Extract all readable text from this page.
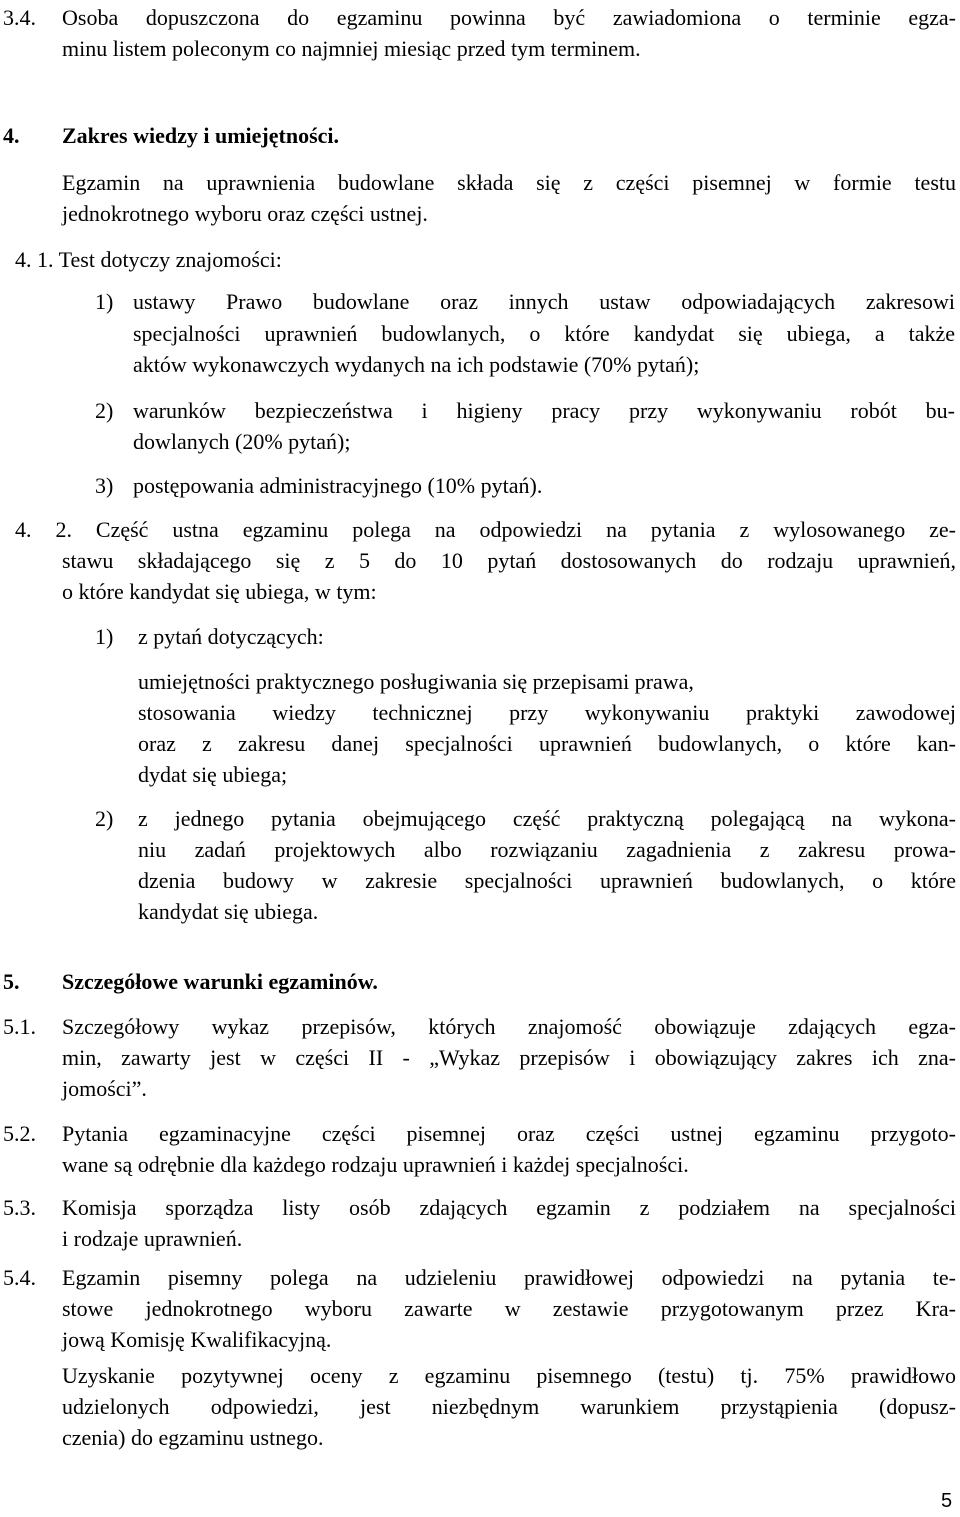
3.4. Osoba dopuszczona do egzaminu powinna być zawiadomiona o terminie egza-
minu listem poleconym co najmniej miesiąc przed tym terminem.
4. Zakres wiedzy i umiejętności.
Egzamin na uprawnienia budowlane składa się z części pisemnej w formie testu
jednokrotnego wyboru oraz części ustnej.
4. 1. Test dotyczy znajomości:
1) ustawy Prawo budowlane oraz innych ustaw odpowiadających zakresowi
specjalności uprawnień budowlanych, o które kandydat się ubiega, a także
aktów wykonawczych wydanych na ich podstawie (70% pytań);
2) warunków bezpieczeństwa i higieny pracy przy wykonywaniu robót bu-
dowlanych (20% pytań);
3) postępowania administracyjnego (10% pytań).
4. 2. Część ustna egzaminu polega na odpowiedzi na pytania z wylosowanego ze-
stawu składającego się z 5 do 10 pytań dostosowanych do rodzaju uprawnień,
o które kandydat się ubiega, w tym:
1) z pytań dotyczących:
umiejętności praktycznego posługiwania się przepisami prawa,
stosowania wiedzy technicznej przy wykonywaniu praktyki zawodowej
oraz z zakresu danej specjalności uprawnień budowlanych, o które kan-
dydat się ubiega;
2) z jednego pytania obejmującego część praktyczną polegającą na wykona-
niu zadań projektowych albo rozwiązaniu zagadnienia z zakresu prowa-
dzenia budowy w zakresie specjalności uprawnień budowlanych, o które
kandydat się ubiega.
5. Szczegółowe warunki egzaminów.
5.1. Szczegółowy wykaz przepisów, których znajomość obowiązuje zdających egza-
min, zawarty jest w części II - „Wykaz przepisów i obowiązujący zakres ich zna-
jomości”.
5.2. Pytania egzaminacyjne części pisemnej oraz części ustnej egzaminu przygoto-
wane są odrębnie dla każdego rodzaju uprawnień i każdej specjalności.
5.3. Komisja sporządza listy osób zdających egzamin z podziałem na specjalności
i rodzaje uprawnień.
5.4. Egzamin pisemny polega na udzieleniu prawidłowej odpowiedzi na pytania te-
stowe jednokrotnego wyboru zawarte w zestawie przygotowanym przez Kra-
jową Komisję Kwalifikacyjną.
Uzyskanie pozytywnej oceny z egzaminu pisemnego (testu) tj. 75% prawidłowo
udzielonych odpowiedzi, jest niezbędnym warunkiem przystąpienia (dopusz-
czenia) do egzaminu ustnego.
5
